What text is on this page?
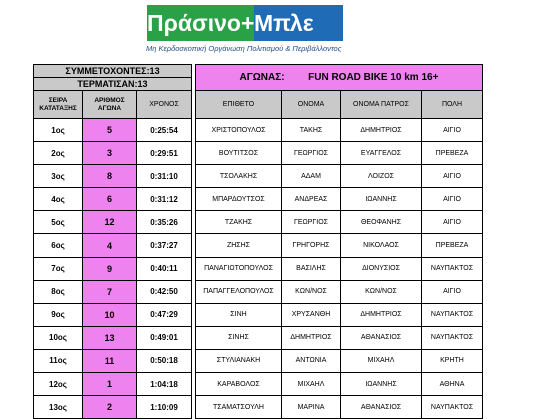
Πράσινο+ Μπλε
Μη Κερδοσκοπική Οργάνωση Πολιτισμού & Περιβάλλοντος
ΣΥΜΜΕΤΟΧΟΝΤΕΣ:13				ΑΓΩΝΑΣ: FUN ROAD BIKE 10 km 16+			
ΤΕΡΜΑΤΙΣΑΝ:13							
ΣΕΙΡΑ ΚΑΤΑΤΑΞΗΣ	ΑΡΙΘΜΟΣ ΑΓΩΝΑ	ΧΡΟΝΟΣ		ΕΠΙΘΕΤΟ	ΟΝΟΜΑ	ΟΝΟΜΑ ΠΑΤΡΟΣ	ΠΟΛΗ
1ος	5	0:25:54		ΧΡΙΣΤΟΠΟΥΛΟΣ	ΤΑΚΗΣ	ΔΗΜΗΤΡΙΟΣ	ΑΙΓΙΟ
2ος	3	0:29:51		ΒΟΥΤΙΤΣΟΣ	ΓΕΩΡΓΙΟΣ	ΕΥΑΓΓΕΛΟΣ	ΠΡΕΒΕΖΑ
3ος	8	0:31:10		ΤΣΟΛΑΚΗΣ	ΑΔΑΜ	ΛΟΙΖΟΣ	ΑΙΓΙΟ
4ος	6	0:31:12		ΜΠΑΡΔΟΥΤΣΟΣ	ΑΝΔΡΕΑΣ	ΙΩΑΝΝΗΣ	ΑΙΓΙΟ
5ος	12	0:35:26		ΤΖΑΚΗΣ	ΓΕΩΡΓΙΟΣ	ΘΕΟΦΑΝΗΣ	ΑΙΓΙΟ
6ος	4	0:37:27		ΖΗΣΗΣ	ΓΡΗΓΟΡΗΣ	ΝΙΚΟΛΑΟΣ	ΠΡΕΒΕΖΑ
7ος	9	0:40:11		ΠΑΝΑΓΙΩΤΟΠΟΥΛΟΣ	ΒΑΣΙΛΗΣ	ΔΙΟΝΥΣΙΟΣ	ΝΑΥΠΑΚΤΟΣ
8ος	7	0:42:50		ΠΑΠΑΓΓΕΛΟΠΟΥΛΟΣ	ΚΩΝ/ΝΟΣ	ΚΩΝ/ΝΟΣ	ΑΙΓΙΟ
9ος	10	0:47:29		ΣΙΝΗ	ΧΡΥΣΑΝΘΗ	ΔΗΜΗΤΡΙΟΣ	ΝΑΥΠΑΚΤΟΣ
10ος	13	0:49:01		ΣΙΝΗΣ	ΔΗΜΗΤΡΙΟΣ	ΑΘΑΝΑΣΙΟΣ	ΝΑΥΠΑΚΤΟΣ
11ος	11	0:50:18		ΣΤΥΛΙΑΝΑΚΗ	ΑΝΤΩΝΙΑ	ΜΙΧΑΗΛ	ΚΡΗΤΗ
12ος	1	1:04:18		ΚΑΡΑΒΟΛΟΣ	ΜΙΧΑΗΛ	ΙΩΑΝΝΗΣ	ΑΘΗΝΑ
13ος	2	1:10:09		ΤΣΑΜΑΤΣΟΥΛΗ	ΜΑΡΙΝΑ	ΑΘΑΝΑΣΙΟΣ	ΝΑΥΠΑΚΤΟΣ
